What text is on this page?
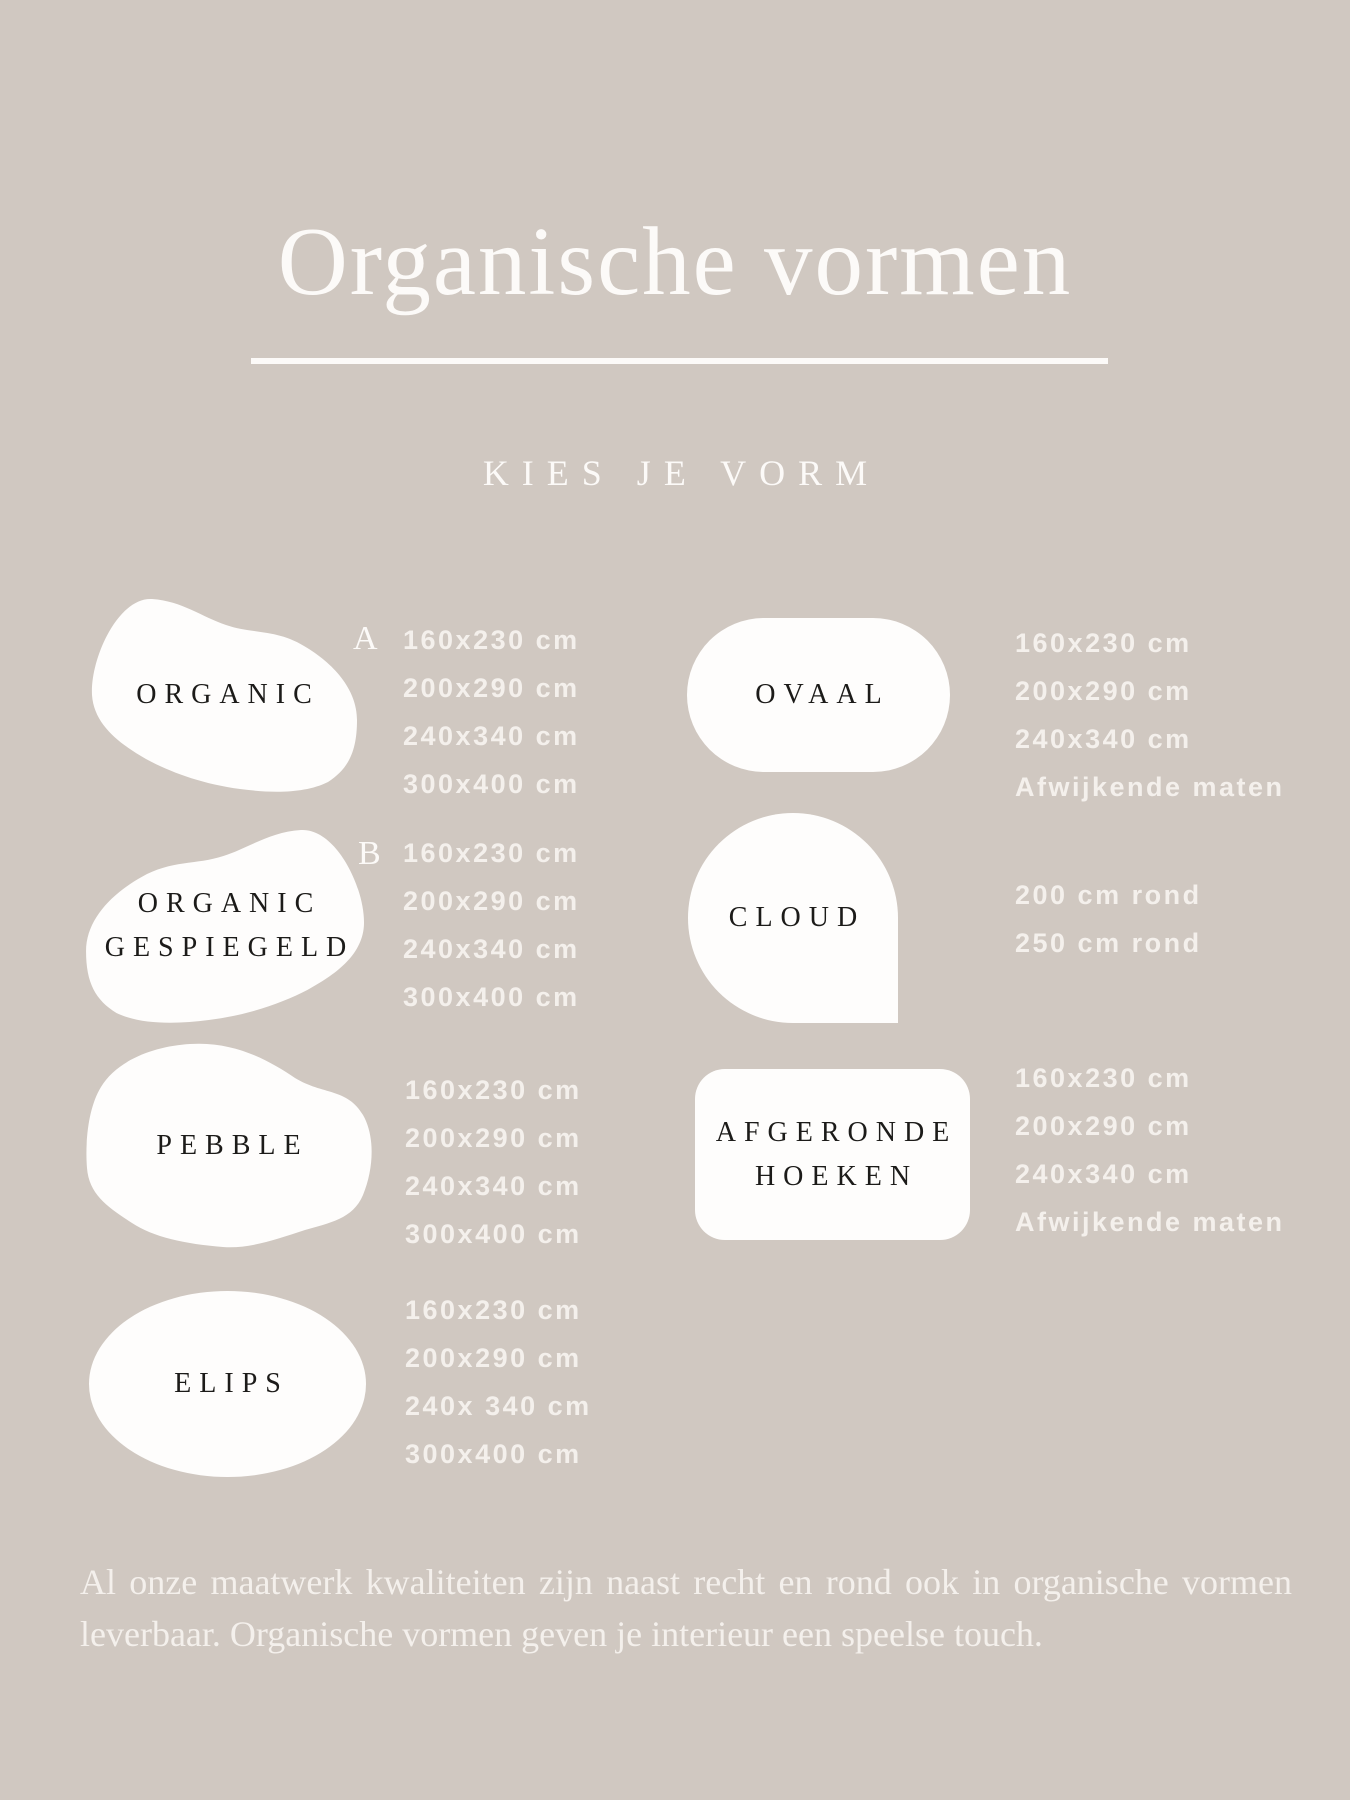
Organische vormen
KIES JE VORM
ORGANIC
A 160x230 cm
200x290 cm
240x340 cm
300x400 cm
ORGANIC
GESPIEGELD
B 160x230 cm
200x290 cm
240x340 cm
300x400 cm
PEBBLE
160x230 cm
200x290 cm
240x340 cm
300x400 cm
ELIPS
160x230 cm
200x290 cm
240x 340 cm
300x400 cm
OVAAL
160x230 cm
200x290 cm
240x340 cm
Afwijkende maten
CLOUD
200 cm rond
250 cm rond
AFGERONDE
HOEKEN
160x230 cm
200x290 cm
240x340 cm
Afwijkende maten
Al onze maatwerk kwaliteiten zijn naast recht en rond ook in organische vormen
leverbaar. Organische vormen geven je interieur een speelse touch.
